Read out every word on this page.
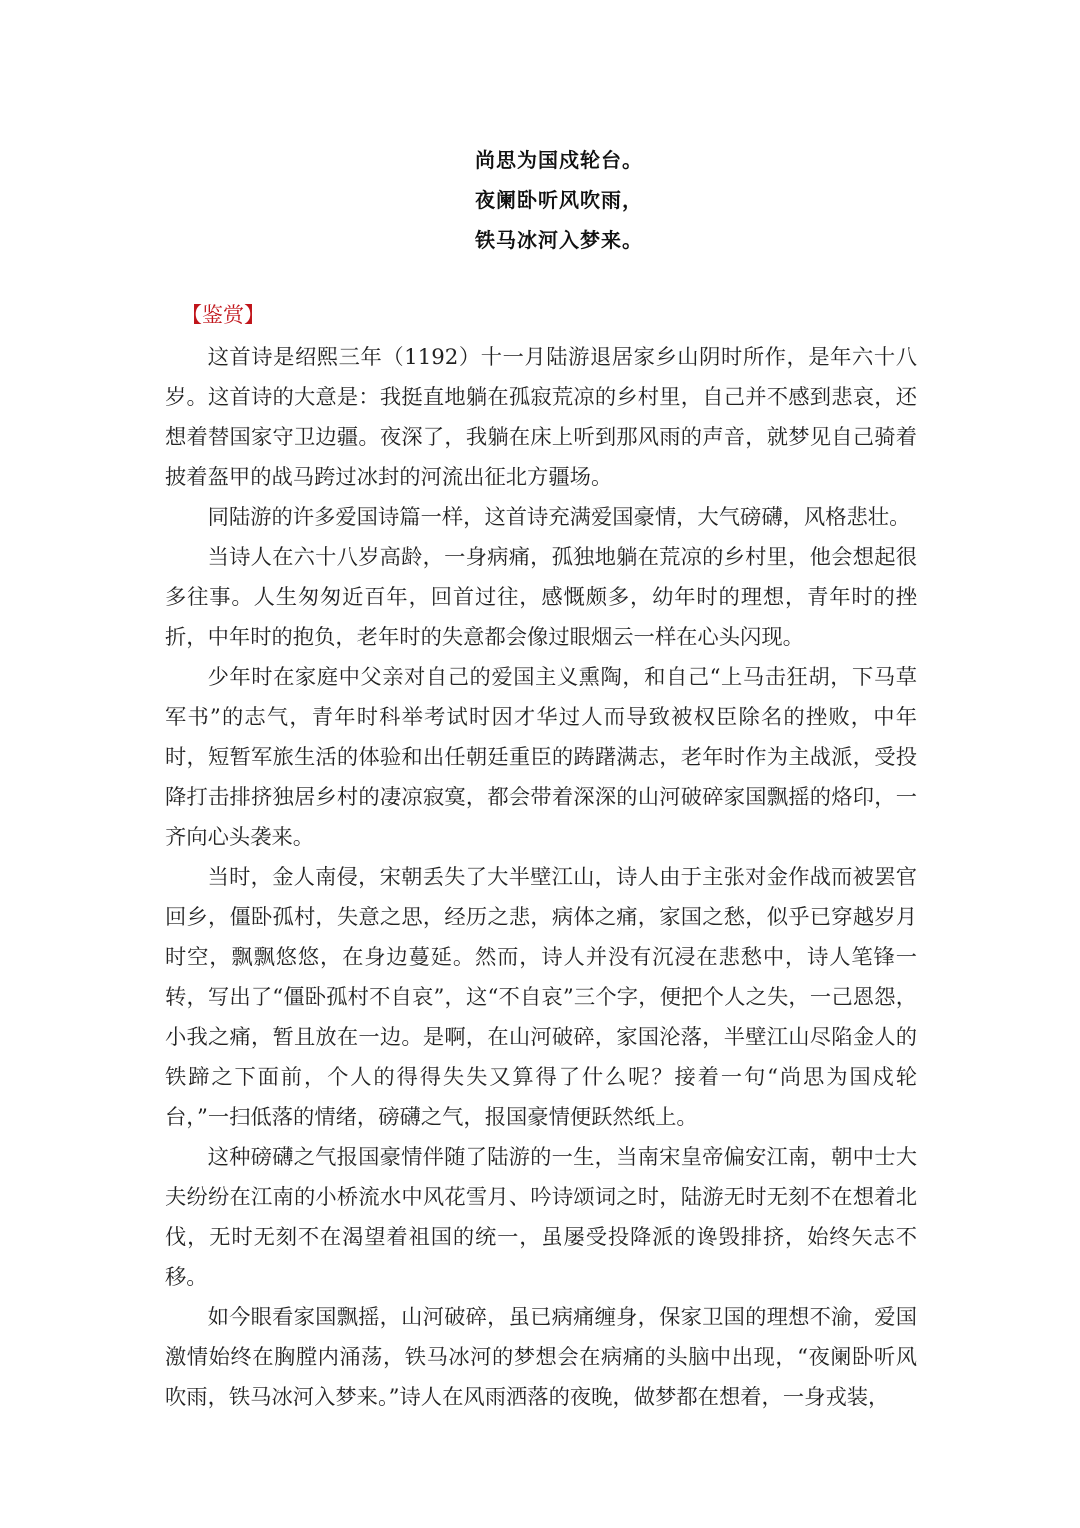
尚思为国戍轮台。
夜阑卧听风吹雨，
铁马冰河入梦来。
【鉴赏】

这首诗是绍熙三年（1192）十一月陆游退居家乡山阴时所作，是年六十八岁。这首诗的大意是：我挺直地躺在孤寂荒凉的乡村里，自己并不感到悲哀，还想着替国家守卫边疆。夜深了，我躺在床上听到那风雨的声音，就梦见自己骑着披着盔甲的战马跨过冰封的河流出征北方疆场。

同陆游的许多爱国诗篇一样，这首诗充满爱国豪情，大气磅礴，风格悲壮。

当诗人在六十八岁高龄，一身病痛，孤独地躺在荒凉的乡村里，他会想起很多往事。人生匆匆近百年，回首过往，感慨颇多，幼年时的理想，青年时的挫折，中年时的抱负，老年时的失意都会像过眼烟云一样在心头闪现。

少年时在家庭中父亲对自己的爱国主义熏陶，和自己“上马击狂胡，下马草军书”的志气，青年时科举考试时因才华过人而导致被权臣除名的挫败，中年时，短暂军旅生活的体验和出任朝廷重臣的踌躇满志，老年时作为主战派，受投降打击排挤独居乡村的凄凉寂寞，都会带着深深的山河破碎家国飘摇的烙印，一齐向心头袭来。

当时，金人南侵，宋朝丢失了大半壁江山，诗人由于主张对金作战而被罢官回乡，僵卧孤村，失意之思，经历之悲，病体之痛，家国之愁，似乎已穿越岁月时空，飘飘悠悠，在身边蔓延。然而，诗人并没有沉浸在悲愁中，诗人笔锋一转，写出了“僵卧孤村不自哀”，这“不自哀”三个字，便把个人之失，一己恩怨，小我之痛，暂且放在一边。是啊，在山河破碎，家国沦落，半壁江山尽陷金人的铁蹄之下面前，个人的得得失失又算得了什么呢？接着一句“尚思为国戍轮台，”一扫低落的情绪，磅礴之气，报国豪情便跃然纸上。

这种磅礴之气报国豪情伴随了陆游的一生，当南宋皇帝偏安江南，朝中士大夫纷纷在江南的小桥流水中风花雪月、吟诗颂词之时，陆游无时无刻不在想着北伐，无时无刻不在渴望着祖国的统一，虽屡受投降派的谗毁排挤，始终矢志不移。

如今眼看家国飘摇，山河破碎，虽已病痛缠身，保家卫国的理想不渝，爱国激情始终在胸膛内涌荡，铁马冰河的梦想会在病痛的头脑中出现，“夜阑卧听风吹雨，铁马冰河入梦来。”诗人在风雨洒落的夜晚，做梦都在想着，一身戎装，
